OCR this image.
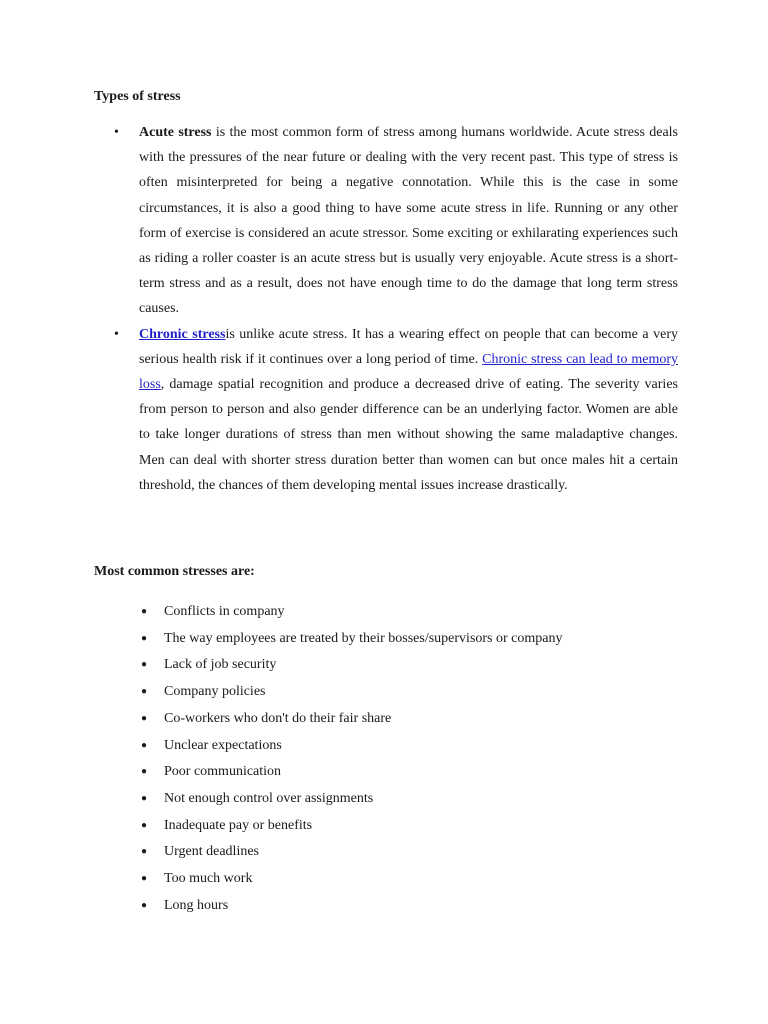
Types of stress
• Acute stress is the most common form of stress among humans worldwide. Acute stress deals with the pressures of the near future or dealing with the very recent past. This type of stress is often misinterpreted for being a negative connotation. While this is the case in some circumstances, it is also a good thing to have some acute stress in life. Running or any other form of exercise is considered an acute stressor. Some exciting or exhilarating experiences such as riding a roller coaster is an acute stress but is usually very enjoyable. Acute stress is a short-term stress and as a result, does not have enough time to do the damage that long term stress causes.
• Chronic stressis unlike acute stress. It has a wearing effect on people that can become a very serious health risk if it continues over a long period of time. Chronic stress can lead to memory loss, damage spatial recognition and produce a decreased drive of eating. The severity varies from person to person and also gender difference can be an underlying factor. Women are able to take longer durations of stress than men without showing the same maladaptive changes. Men can deal with shorter stress duration better than women can but once males hit a certain threshold, the chances of them developing mental issues increase drastically.
Most common stresses are:
● Conflicts in company
● The way employees are treated by their bosses/supervisors or company
● Lack of job security
● Company policies
● Co-workers who don't do their fair share
● Unclear expectations
● Poor communication
● Not enough control over assignments
● Inadequate pay or benefits
● Urgent deadlines
● Too much work
● Long hours
